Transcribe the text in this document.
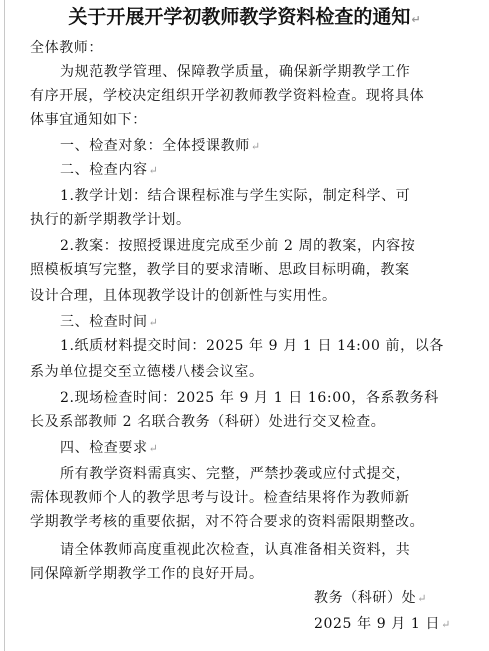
关于开展开学初教师教学资料检查的通知↵
全体教师：
为规范教学管理、保障教学质量，确保新学期教学工作
有序开展，学校决定组织开学初教师教学资料检查。现将具体
体事宜通知如下：
一、检查对象：全体授课教师↵
二、检查内容↵
1.教学计划：结合课程标准与学生实际，制定科学、可
执行的新学期教学计划。
2.教案：按照授课进度完成至少前 2 周的教案，内容按
照模板填写完整，教学目的要求清晰、思政目标明确，教案
设计合理，且体现教学设计的创新性与实用性。
三、检查时间↵
1.纸质材料提交时间：2025 年 9 月 1 日 14:00 前，以各
系为单位提交至立德楼八楼会议室。
2.现场检查时间：2025 年 9 月 1 日 16:00，各系教务科
长及系部教师 2 名联合教务（科研）处进行交叉检查。
四、检查要求↵
所有教学资料需真实、完整，严禁抄袭或应付式提交，
需体现教师个人的教学思考与设计。检查结果将作为教师新
学期教学考核的重要依据，对不符合要求的资料需限期整改。
请全体教师高度重视此次检查，认真准备相关资料，共
同保障新学期教学工作的良好开局。
教务（科研）处↵
2025 年 9 月 1 日↵
